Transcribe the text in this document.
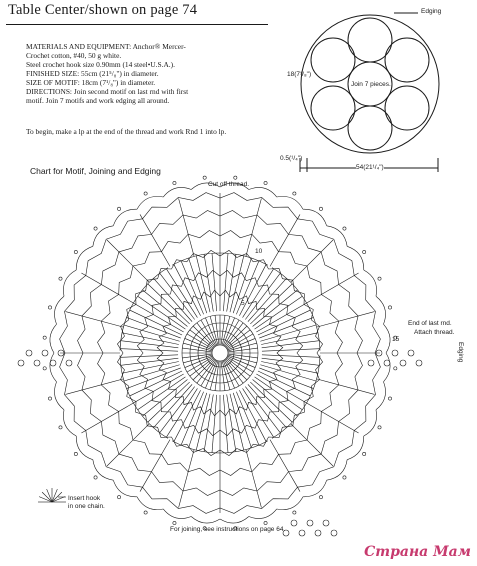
Table Center/shown on page 74
MATERIALS AND EQUIPMENT: Anchor® Mercer-
Crochet cotton, #40, 50 g white.
Steel crochet hook size 0.90mm (14 steel•U.S.A.).
FINISHED SIZE: 55cm (21⁵/₈") in diameter.
SIZE OF MOTIF: 18cm (7¹/₈") in diameter.
DIRECTIONS: Join second motif on last rnd with first
motif. Join 7 motifs and work edging all around.
To begin, make a lp at the end of the thread and work Rnd 1 into lp.
Edging
18(7¹/₈")
Join 7 pieces.
0.5(¹/₄")
54(21¹/₄")
Chart for Motif, Joining and Edging
Cut off thread.
End of last rnd.
Attach thread.
Edging
15
10
5
Insert hook
in one chain.
For joining, see instructions on page 64.
Страна Мам
